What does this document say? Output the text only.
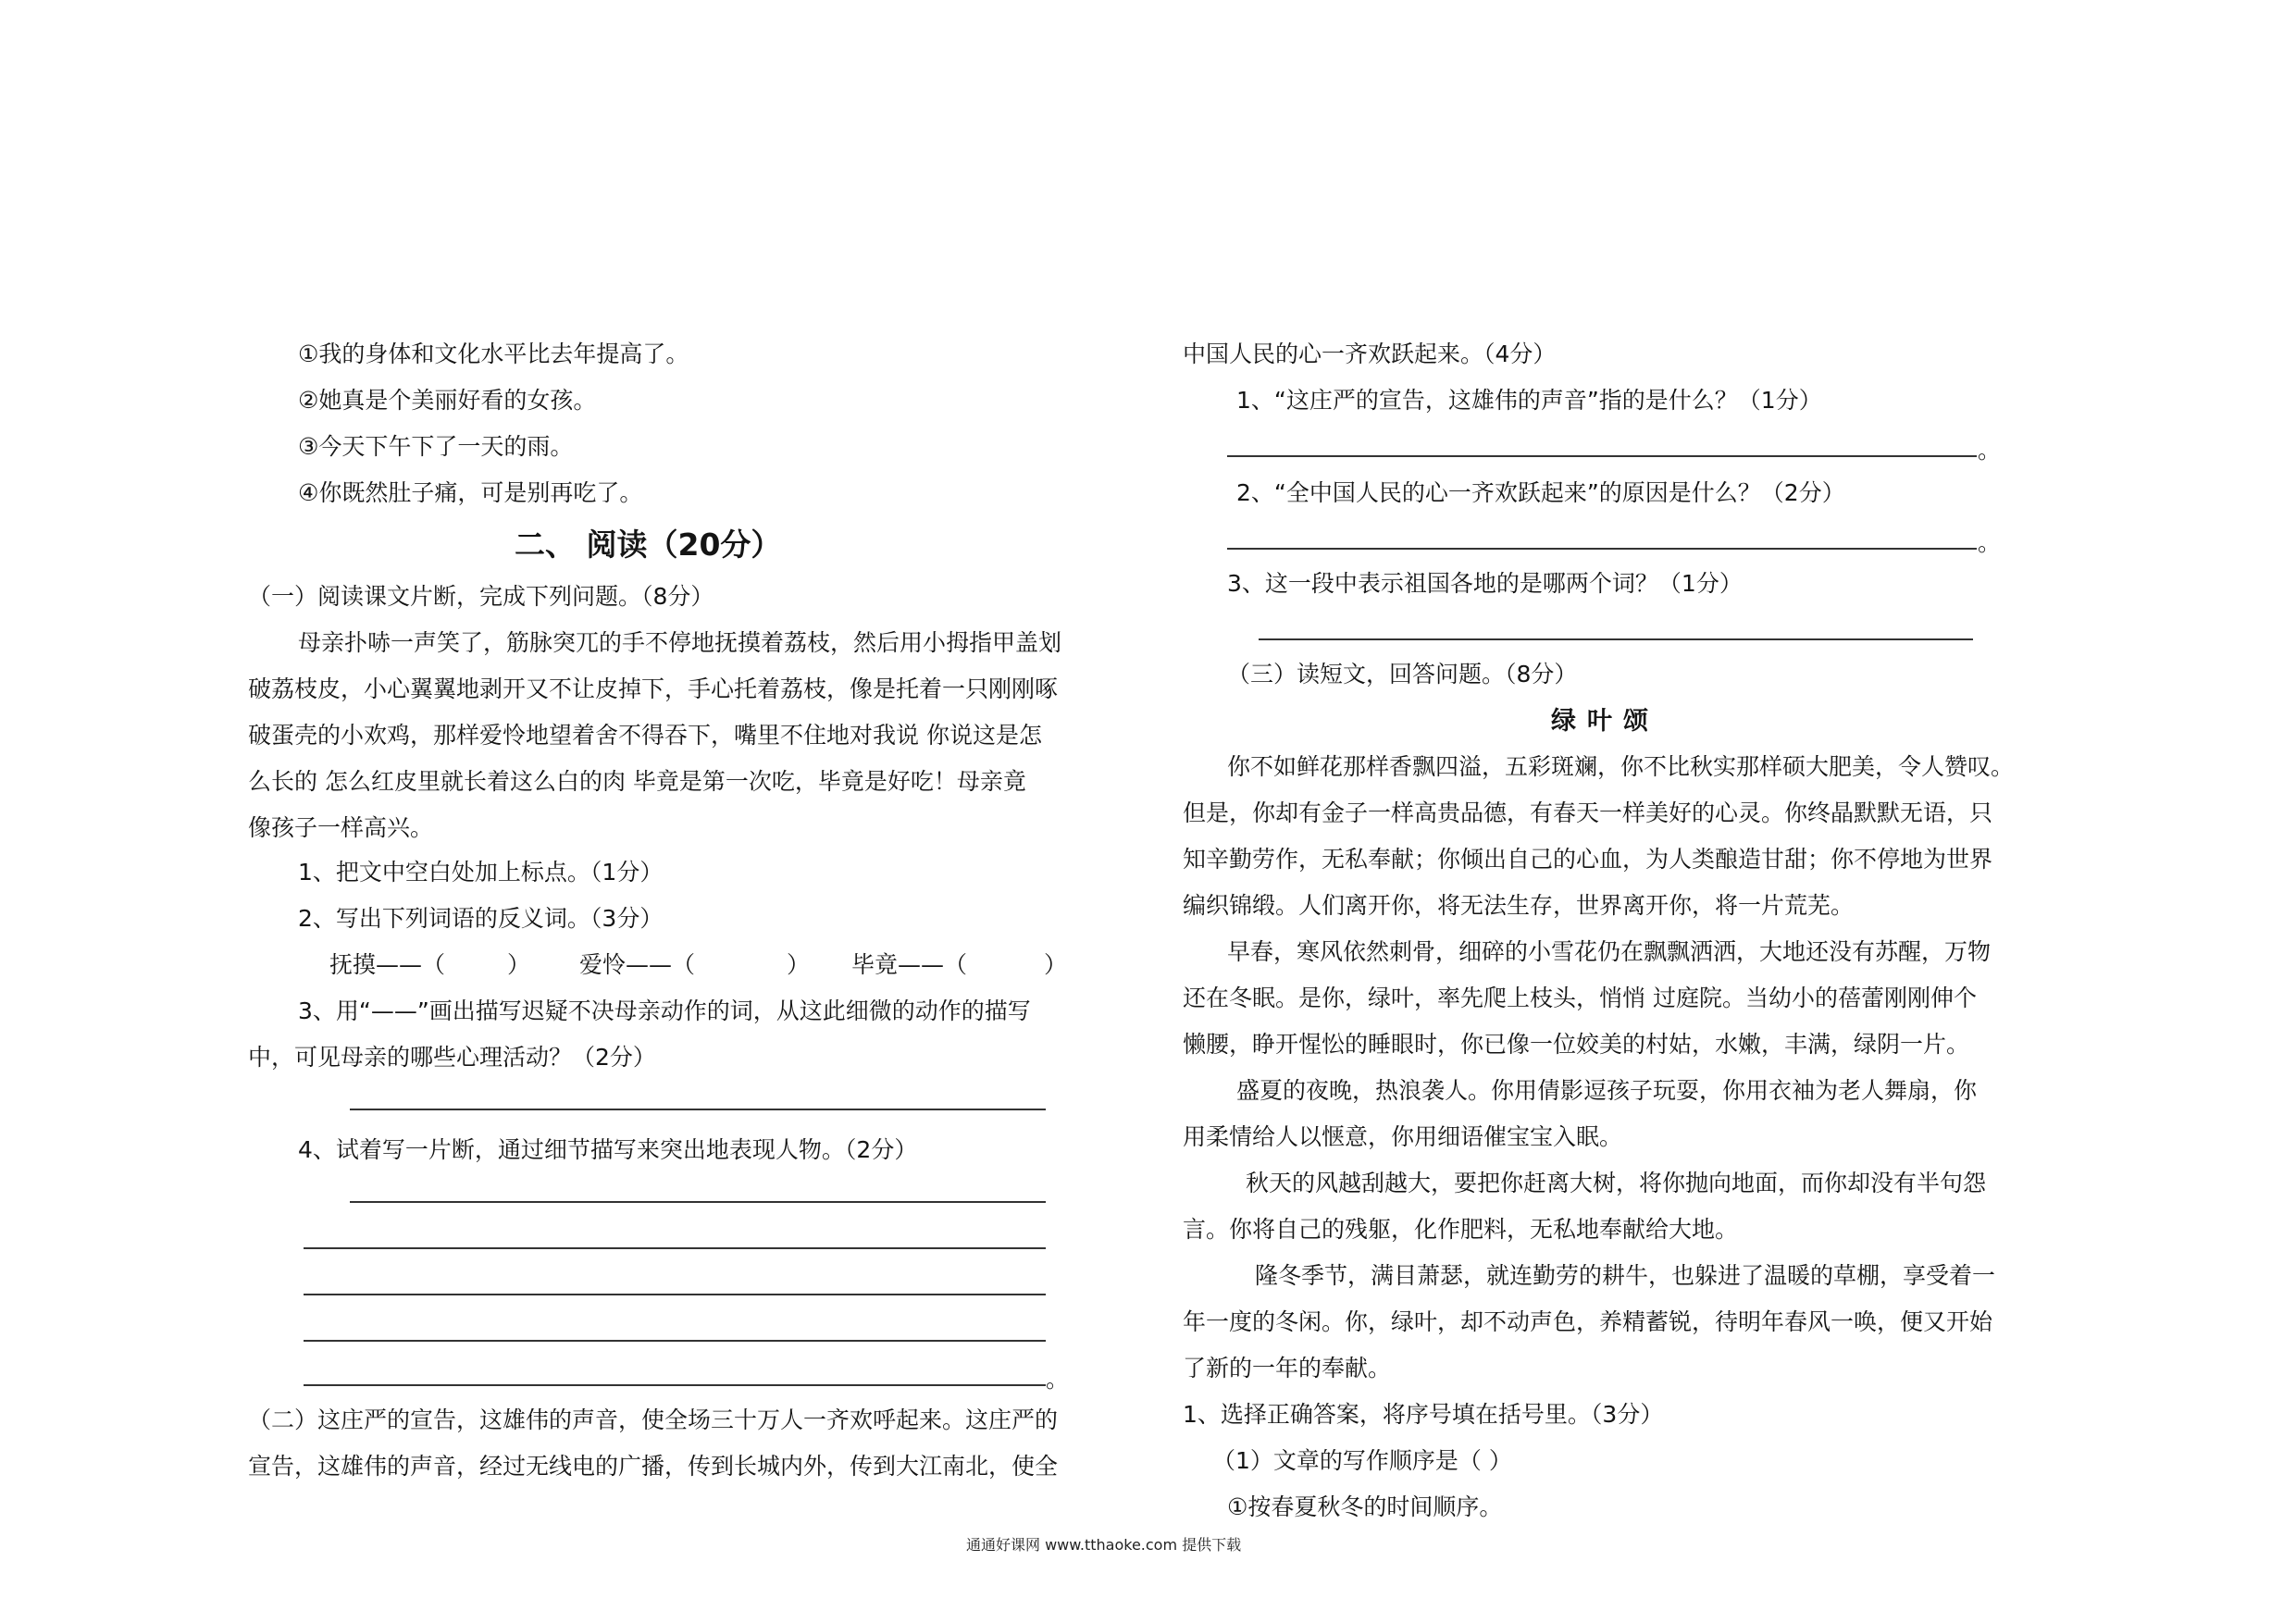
①我的身体和文化水平比去年提高了。
②她真是个美丽好看的女孩。
③今天下午下了一天的雨。
④你既然肚子痛，可是别再吃了。
二、 阅读（20分）
（一）阅读课文片断，完成下列问题。（8分）
母亲扑哧一声笑了，筋脉突兀的手不停地抚摸着荔枝，然后用小拇指甲盖划
破荔枝皮，小心翼翼地剥开又不让皮掉下，手心托着荔枝，像是托着一只刚刚啄
破蛋壳的小欢鸡，那样爱怜地望着舍不得吞下，嘴里不住地对我说 你说这是怎
么长的 怎么红皮里就长着这么白的肉 毕竟是第一次吃，毕竟是好吃！母亲竟
像孩子一样高兴。
1、把文中空白处加上标点。（1分）
2、写出下列词语的反义词。（3分）
抚摸——（	） 爱怜——（	） 毕竟——（	）
3、用“——”画出描写迟疑不决母亲动作的词，从这此细微的动作的描写
中，可见母亲的哪些心理活动？（2分）
4、试着写一片断，通过细节描写来突出地表现人物。（2分）
。
（二）这庄严的宣告，这雄伟的声音，使全场三十万人一齐欢呼起来。这庄严的
宣告，这雄伟的声音，经过无线电的广播，传到长城内外，传到大江南北，使全
中国人民的心一齐欢跃起来。（4分）
1、“这庄严的宣告，这雄伟的声音”指的是什么？（1分）
。
2、“全中国人民的心一齐欢跃起来”的原因是什么？（2分）
。
3、这一段中表示祖国各地的是哪两个词？（1分）
（三）读短文，回答问题。（8分）
绿叶颂
你不如鲜花那样香飘四溢，五彩斑斓，你不比秋实那样硕大肥美，令人赞叹。
但是，你却有金子一样高贵品德，有春天一样美好的心灵。你终晶默默无语，只
知辛勤劳作，无私奉献；你倾出自己的心血，为人类酿造甘甜；你不停地为世界
编织锦缎。人们离开你，将无法生存，世界离开你，将一片荒芜。
早春，寒风依然刺骨，细碎的小雪花仍在飘飘洒洒，大地还没有苏醒，万物
还在冬眠。是你，绿叶，率先爬上枝头，悄悄 过庭院。当幼小的蓓蕾刚刚伸个
懒腰，睁开惺忪的睡眼时，你已像一位姣美的村姑，水嫩，丰满，绿阴一片。
盛夏的夜晚，热浪袭人。你用倩影逗孩子玩耍，你用衣袖为老人舞扇，你
用柔情给人以惬意，你用细语催宝宝入眠。
秋天的风越刮越大，要把你赶离大树，将你抛向地面，而你却没有半句怨
言。你将自己的残躯，化作肥料，无私地奉献给大地。
隆冬季节，满目萧瑟，就连勤劳的耕牛，也躲进了温暖的草棚，享受着一
年一度的冬闲。你，绿叶，却不动声色，养精蓄锐，待明年春风一唤，便又开始
了新的一年的奉献。
1、选择正确答案，将序号填在括号里。（3分）
（1）文章的写作顺序是（ ）
①按春夏秋冬的时间顺序。
通通好课网 www.tthaoke.com 提供下载
